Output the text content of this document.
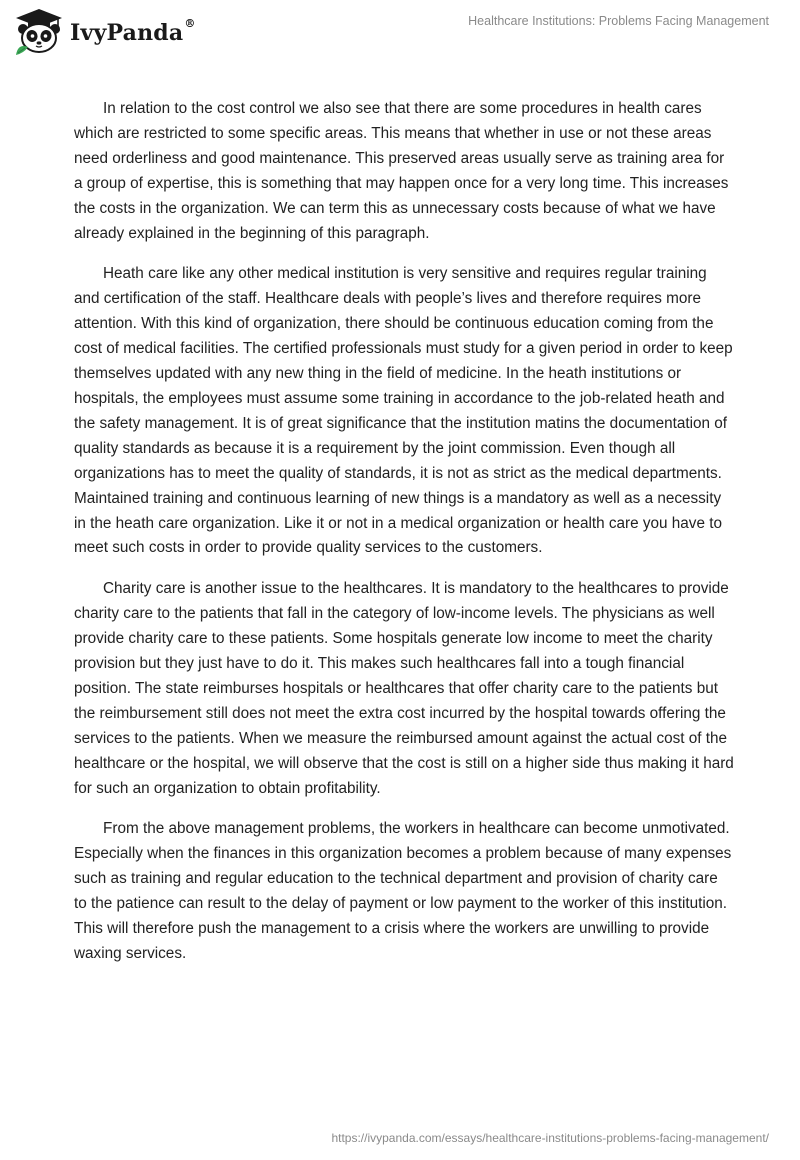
IvyPanda®	Healthcare Institutions: Problems Facing Management

In relation to the cost control we also see that there are some procedures in health cares which are restricted to some specific areas. This means that whether in use or not these areas need orderliness and good maintenance. This preserved areas usually serve as training area for a group of expertise, this is something that may happen once for a very long time. This increases the costs in the organization. We can term this as unnecessary costs because of what we have already explained in the beginning of this paragraph.

Heath care like any other medical institution is very sensitive and requires regular training and certification of the staff. Healthcare deals with people’s lives and therefore requires more attention. With this kind of organization, there should be continuous education coming from the cost of medical facilities. The certified professionals must study for a given period in order to keep themselves updated with any new thing in the field of medicine. In the heath institutions or hospitals, the employees must assume some training in accordance to the job-related heath and the safety management. It is of great significance that the institution matins the documentation of quality standards as because it is a requirement by the joint commission. Even though all organizations has to meet the quality of standards, it is not as strict as the medical departments. Maintained training and continuous learning of new things is a mandatory as well as a necessity in the heath care organization. Like it or not in a medical organization or health care you have to meet such costs in order to provide quality services to the customers.

Charity care is another issue to the healthcares. It is mandatory to the healthcares to provide charity care to the patients that fall in the category of low-income levels. The physicians as well provide charity care to these patients. Some hospitals generate low income to meet the charity provision but they just have to do it. This makes such healthcares fall into a tough financial position. The state reimburses hospitals or healthcares that offer charity care to the patients but the reimbursement still does not meet the extra cost incurred by the hospital towards offering the services to the patients. When we measure the reimbursed amount against the actual cost of the healthcare or the hospital, we will observe that the cost is still on a higher side thus making it hard for such an organization to obtain profitability.

From the above management problems, the workers in healthcare can become unmotivated. Especially when the finances in this organization becomes a problem because of many expenses such as training and regular education to the technical department and provision of charity care to the patience can result to the delay of payment or low payment to the worker of this institution. This will therefore push the management to a crisis where the workers are unwilling to provide waxing services.

https://ivypanda.com/essays/healthcare-institutions-problems-facing-management/
